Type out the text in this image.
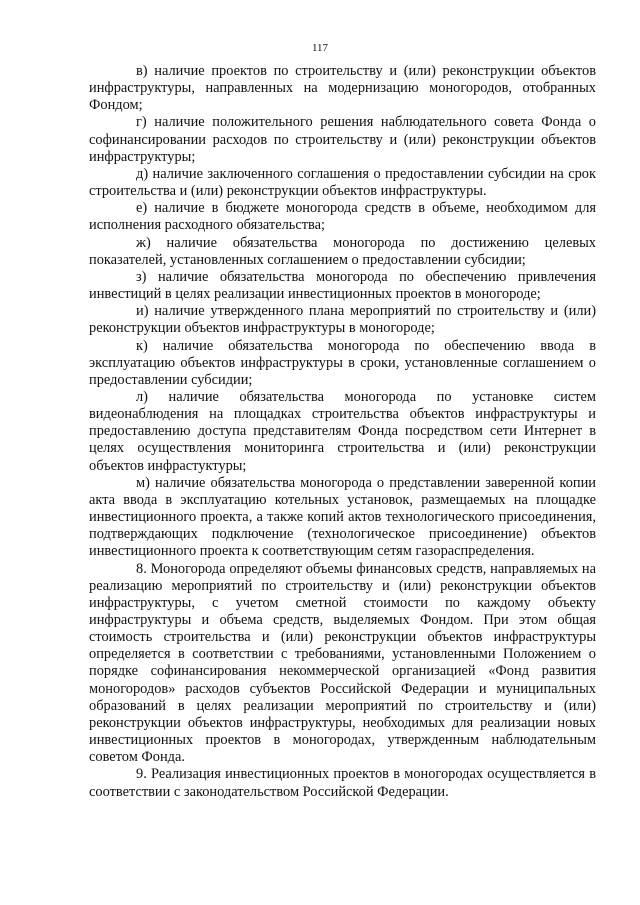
117

в) наличие проектов по строительству и (или) реконструкции объектов инфраструктуры, направленных на модернизацию моногородов, отобранных Фондом;

г) наличие положительного решения наблюдательного совета Фонда о софинансировании расходов по строительству и (или) реконструкции объектов инфраструктуры;

д) наличие заключенного соглашения о предоставлении субсидии на срок строительства и (или) реконструкции объектов инфраструктуры.

е) наличие в бюджете моногорода средств в объеме, необходимом для исполнения расходного обязательства;

ж) наличие обязательства моногорода по достижению целевых показателей, установленных соглашением о предоставлении субсидии;

з) наличие обязательства моногорода по обеспечению привлечения инвестиций в целях реализации инвестиционных проектов в моногороде;

и) наличие утвержденного плана мероприятий по строительству и (или) реконструкции объектов инфраструктуры в моногороде;

к) наличие обязательства моногорода по обеспечению ввода в эксплуатацию объектов инфраструктуры в сроки, установленные соглашением о предоставлении субсидии;

л) наличие обязательства моногорода по установке систем видеонаблюдения на площадках строительства объектов инфраструктуры и предоставлению доступа представителям Фонда посредством сети Интернет в целях осуществления мониторинга строительства и (или) реконструкции объектов инфрастуктуры;

м) наличие обязательства моногорода о представлении заверенной копии акта ввода в эксплуатацию котельных установок, размещаемых на площадке инвестиционного проекта, а также копий актов технологического присоединения, подтверждающих подключение (технологическое присоединение) объектов инвестиционного проекта к соответствующим сетям газораспределения.

8. Моногорода определяют объемы финансовых средств, направляемых на реализацию мероприятий по строительству и (или) реконструкции объектов инфраструктуры, с учетом сметной стоимости по каждому объекту инфраструктуры и объема средств, выделяемых Фондом. При этом общая стоимость строительства и (или) реконструкции объектов инфраструктуры определяется в соответствии с требованиями, установленными Положением о порядке софинансирования некоммерческой организацией «Фонд развития моногородов» расходов субъектов Российской Федерации и муниципальных образований в целях реализации мероприятий по строительству и (или) реконструкции объектов инфраструктуры, необходимых для реализации новых инвестиционных проектов в моногородах, утвержденным наблюдательным советом Фонда.

9. Реализация инвестиционных проектов в моногородах осуществляется в соответствии с законодательством Российской Федерации.
